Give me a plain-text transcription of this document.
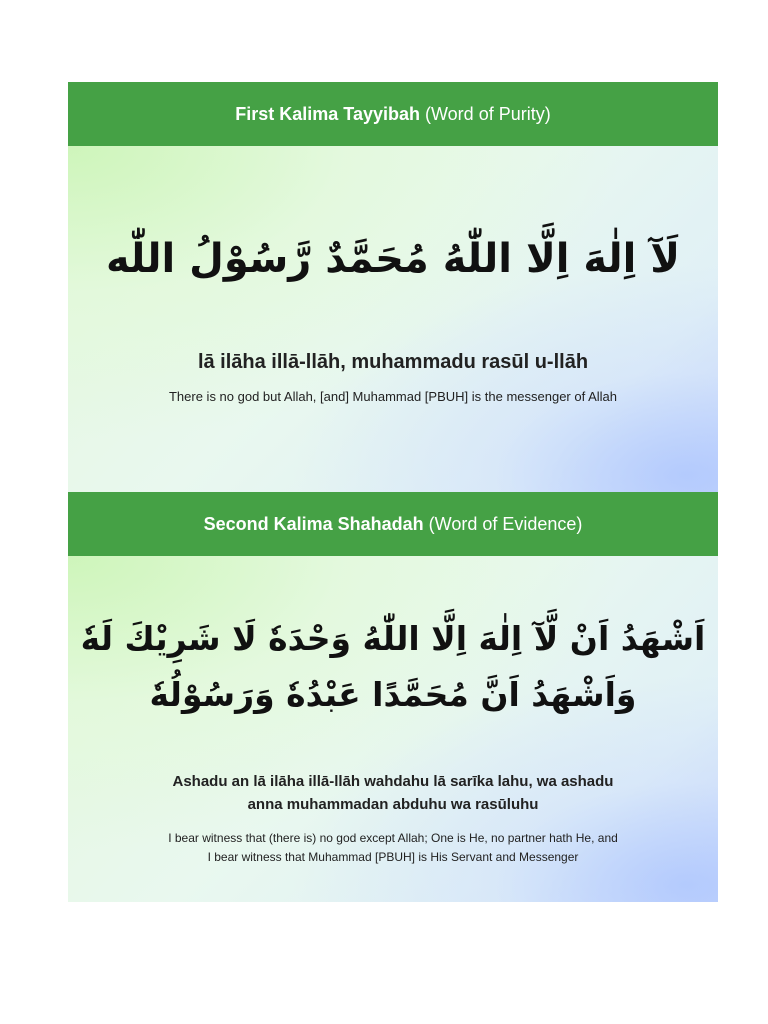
First Kalima Tayyibah
(Word of Purity)
لَآ اِلٰهَ اِلَّا اللّٰهُ مُحَمَّدٌ رَّسُوْلُ اللّٰه
lā ilāha illā-llāh, muhammadu rasūl u-llāh
There is no god but Allah, [and] Muhammad [PBUH] is the messenger of Allah
Second Kalima Shahadah
(Word of Evidence)
اَشْهَدُ اَنْ لَّآ اِلٰهَ اِلَّا اللّٰهُ وَحْدَهٗ لَا شَرِيْكَ لَهٗ
وَاَشْهَدُ اَنَّ مُحَمَّدًا عَبْدُهٗ وَرَسُوْلُهٗ
Ashadu an lā ilāha illā-llāh wahdahu lā sarīka lahu, wa ashadu
anna muhammadan abduhu wa rasūluhu
I bear witness that (there is) no god except Allah; One is He, no partner hath He, and
I bear witness that Muhammad [PBUH] is His Servant and Messenger
